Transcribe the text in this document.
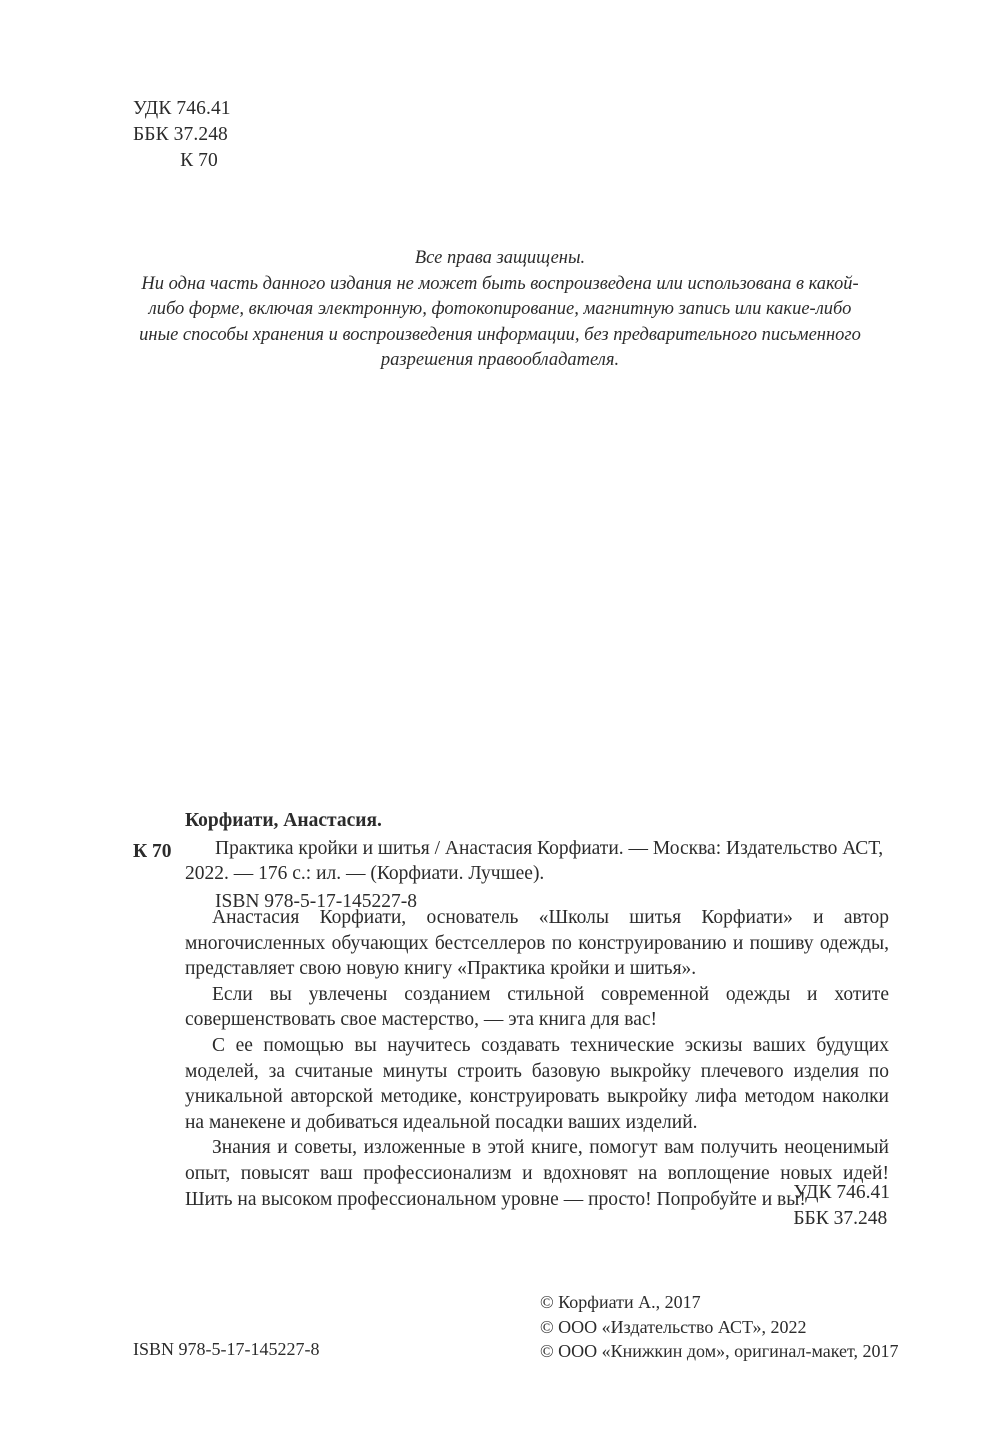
УДК 746.41
ББК 37.248
К 70
Все права защищены.
Ни одна часть данного издания не может быть воспроизведена или использована в какой-
либо форме, включая электронную, фотокопирование, магнитную запись или какие-либо
иные способы хранения и воспроизведения информации, без предварительного письменного
разрешения правообладателя.
К 70
Корфиати, Анастасия.
Практика кройки и шитья / Анастасия Корфиати. — Москва: Издательство АСТ, 2022. — 176 с.: ил. — (Корфиати. Лучшее).
ISBN 978-5-17-145227-8

Анастасия Корфиати, основатель «Школы шитья Корфиати» и автор многочисленных обучающих бестселлеров по конструированию и пошиву одежды, представляет свою новую книгу «Практика кройки и шитья».

Если вы увлечены созданием стильной современной одежды и хотите совершенствовать свое мастерство, — эта книга для вас!

С ее помощью вы научитесь создавать технические эскизы ваших будущих моделей, за считаные минуты строить базовую выкройку плечевого изделия по уникальной авторской методике, конструировать выкройку лифа методом наколки на манекене и добиваться идеальной посадки ваших изделий.

Знания и советы, изложенные в этой книге, помогут вам получить неоценимый опыт, повысят ваш профессионализм и вдохновят на воплощение новых идей! Шить на высоком профессиональном уровне — просто! Попробуйте и вы!

УДК 746.41
ББК 37.248
© Корфиати А., 2017
© ООО «Издательство АСТ», 2022
© ООО «Книжкин дом», оригинал-макет, 2017
ISBN 978-5-17-145227-8
